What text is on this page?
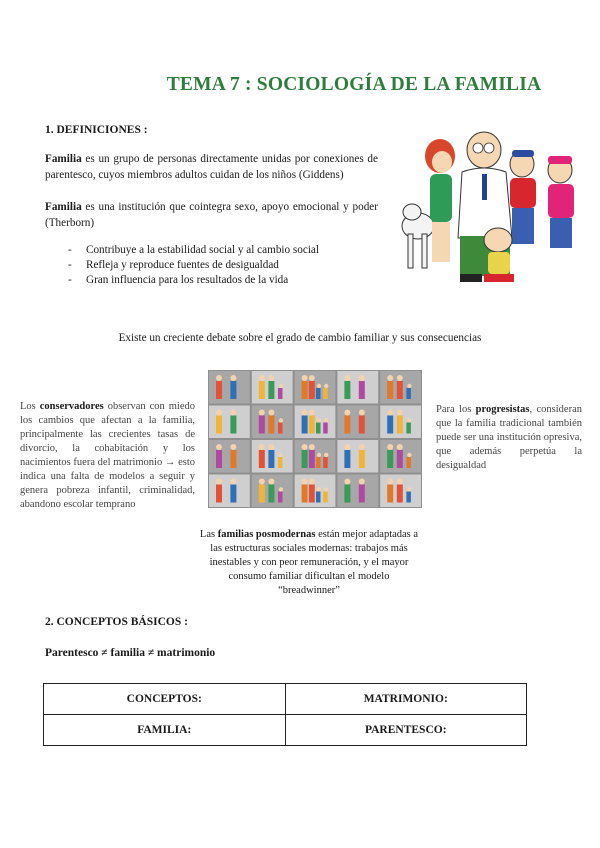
TEMA 7 : SOCIOLOGÍA DE LA FAMILIA
1. DEFINICIONES :
Familia es un grupo de personas directamente unidas por conexiones de parentesco, cuyos miembros adultos cuidan de los niños (Giddens)
Familia es una institución que cointegra sexo, apoyo emocional y poder (Therborn)
- Contribuye a la estabilidad social y al cambio social
- Refleja y reproduce fuentes de desigualdad
- Gran influencia para los resultados de la vida
Existe un creciente debate sobre el grado de cambio familiar y sus consecuencias
Los conservadores observan con miedo los cambios que afectan a la familia, principalmente las crecientes tasas de divorcio, la cohabitación y los nacimientos fuera del matrimonio → esto indica una falta de modelos a seguir y genera pobreza infantil, criminalidad, abandono escolar temprano
Para los progresistas, consideran que la familia tradicional también puede ser una institución opresiva, que además perpetúa la desigualdad
Las familias posmodernas están mejor adaptadas a las estructuras sociales modernas: trabajos más inestables y con peor remuneración, y el mayor consumo familiar dificultan el modelo “breadwinner”
2. CONCEPTOS BÁSICOS :
Parentesco ≠ familia ≠ matrimonio
CONCEPTOS:	MATRIMONIO:
FAMILIA:	PARENTESCO:
